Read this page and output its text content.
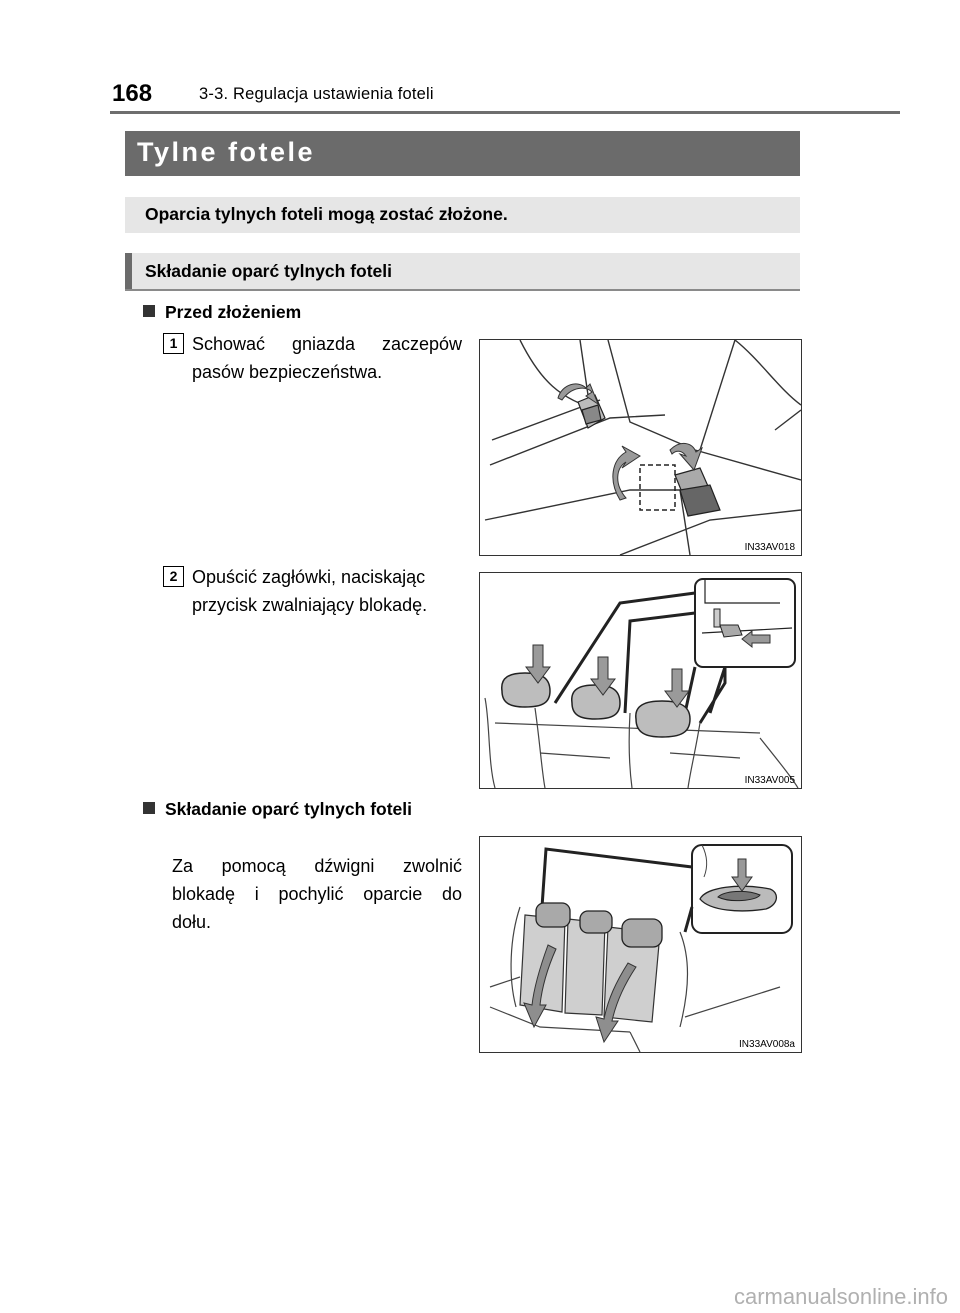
168	3-3. Regulacja ustawienia foteli
Tylne fotele
Oparcia tylnych foteli mogą zostać złożone.
Składanie oparć tylnych foteli
Przed złożeniem
1 Schować gniazda zaczepów
pasów bezpieczeństwa.
IN33AV018
2 Opuścić zagłówki, naciskając
przycisk zwalniający blokadę.
IN33AV005
Składanie oparć tylnych foteli
Za pomocą dźwigni zwolnić
blokadę i pochylić oparcie do
dołu.
IN33AV008a
carmanualsonline.info
